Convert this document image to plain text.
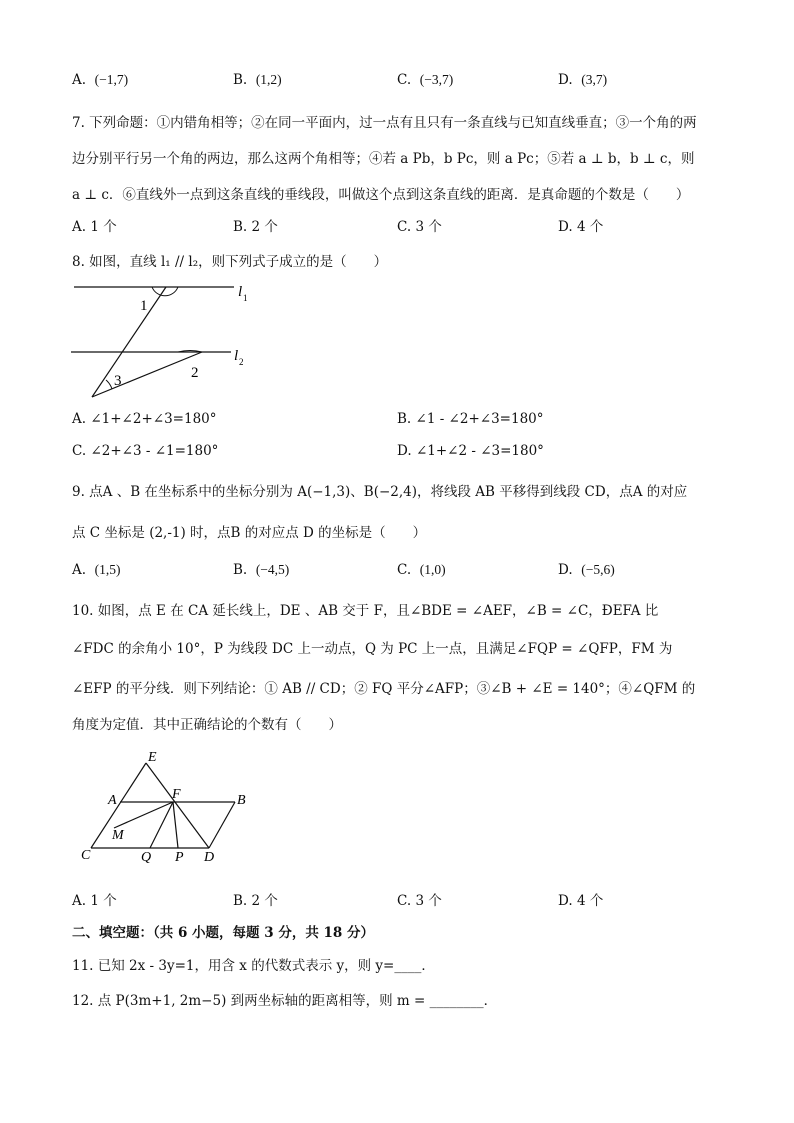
A. (−1,7)	B. (1,2)	C. (−3,7)	D. (3,7)
7. 下列命题：①内错角相等；②在同一平面内，过一点有且只有一条直线与已知直线垂直；③一个角的两
边分别平行另一个角的两边，那么这两个角相等；④若 a Pb，b Pc，则 a Pc；⑤若 a ⊥ b，b ⊥ c，则
a ⊥ c．⑥直线外一点到这条直线的垂线段，叫做这个点到这条直线的距离．是真命题的个数是（　　）
A. 1 个	B. 2 个	C. 3 个	D. 4 个
8. 如图，直线 l₁ // l₂，则下列式子成立的是（　　）
1
2
3
l 1
l 2
A. ∠1+∠2+∠3=180°	B. ∠1 - ∠2+∠3=180°
C. ∠2+∠3 - ∠1=180°	D. ∠1+∠2 - ∠3=180°
9. 点A 、B 在坐标系中的坐标分别为 A(−1,3)、B(−2,4)，将线段 AB 平移得到线段 CD，点A 的对应
点 C 坐标是 (2,‑1) 时，点B 的对应点 D 的坐标是（　　）
A. (1,5)	B. (−4,5)	C. (1,0)	D. (−5,6)
10. 如图，点 E 在 CA 延长线上，DE 、AB 交于 F，且∠BDE = ∠AEF，∠B = ∠C，ÐEFA 比
∠FDC 的余角小 10°，P 为线段 DC 上一动点，Q 为 PC 上一点，且满足∠FQP = ∠QFP，FM 为
∠EFP 的平分线．则下列结论：① AB // CD；② FQ 平分∠AFP；③∠B + ∠E = 140°；④∠QFM 的
角度为定值．其中正确结论的个数有（　　）
E
A	F	B
M
C	Q P D
A. 1 个	B. 2 个	C. 3 个	D. 4 个
二、填空题：（共 6 小题，每题 3 分，共 18 分）
11. 已知 2x - 3y=1，用含 x 的代数式表示 y，则 y=____．
12. 点 P(3m+1, 2m−5) 到两坐标轴的距离相等，则 m = ________．
